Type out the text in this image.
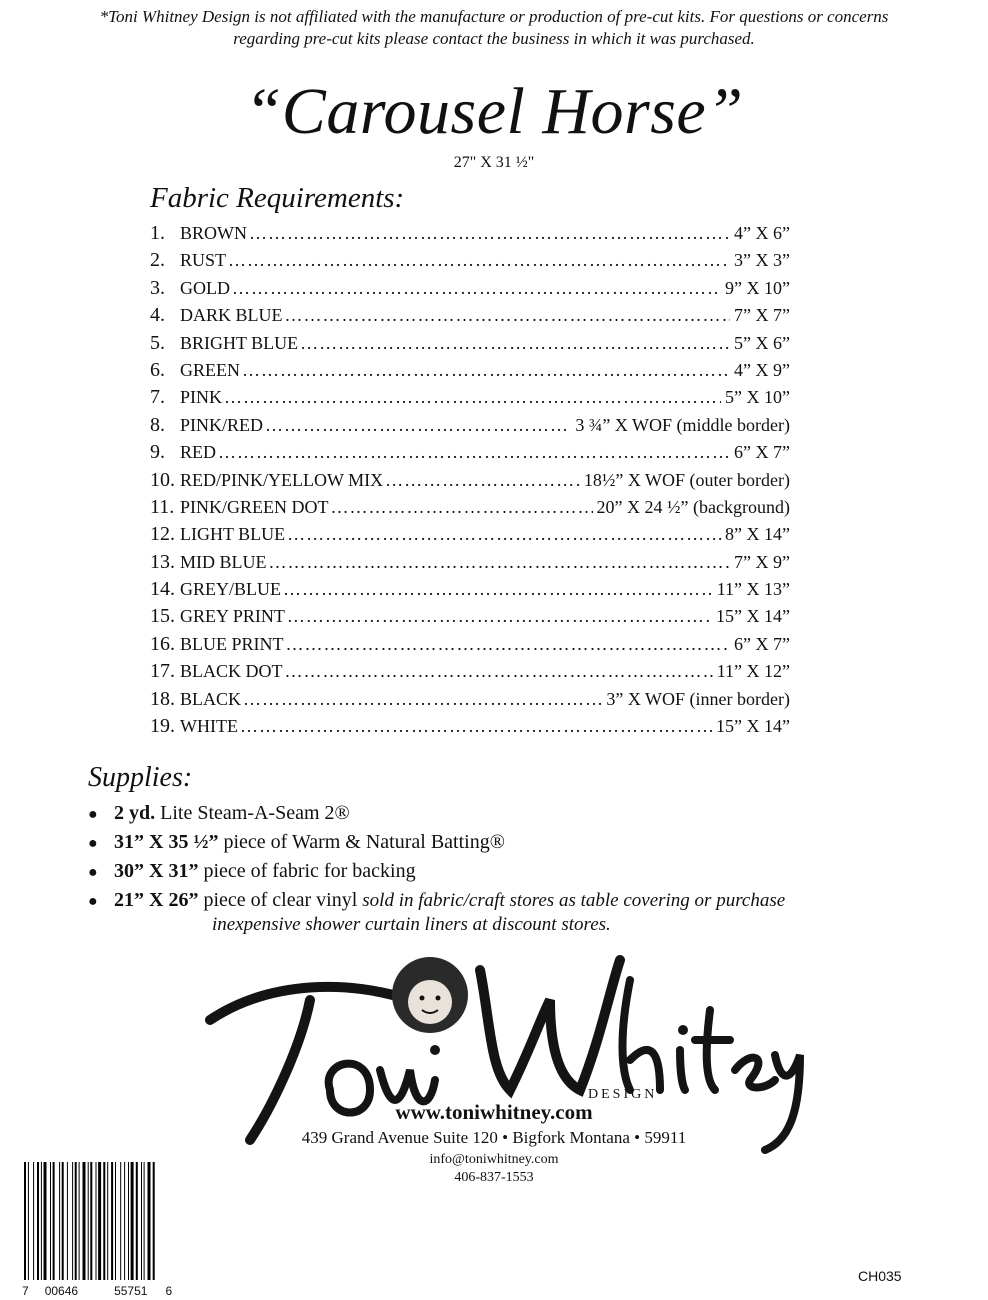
*Toni Whitney Design is not affiliated with the manufacture or production of pre-cut kits. For questions or concerns
regarding pre-cut kits please contact the business in which it was purchased.
“Carousel Horse”
27" X 31 ½"
Fabric Requirements:
1. BROWN ………………………………………………………………………………………………………………………………………	4” X 6”
2. RUST ………………………………………………………………………………………………………………………………………	3” X 3”
3. GOLD ………………………………………………………………………………………………………………………………………	9” X 10”
4. DARK BLUE ………………………………………………………………………………………………………………………………………	7” X 7”
5. BRIGHT BLUE ………………………………………………………………………………………………………………………………………	5” X 6”
6. GREEN ………………………………………………………………………………………………………………………………………	4” X 9”
7. PINK ………………………………………………………………………………………………………………………………………	5” X 10”
8. PINK/RED ………………………………………………………………………………………………………………………………………	3 ¾” X WOF (middle border)
9. RED ………………………………………………………………………………………………………………………………………	6” X 7”
10. RED/PINK/YELLOW MIX ………………………………………………………………………………………………………………………………………	18½” X WOF (outer border)
11. PINK/GREEN DOT ………………………………………………………………………………………………………………………………………	20” X 24 ½” (background)
12. LIGHT BLUE ………………………………………………………………………………………………………………………………………	8” X 14”
13. MID BLUE ………………………………………………………………………………………………………………………………………	7” X 9”
14. GREY/BLUE ………………………………………………………………………………………………………………………………………	11” X 13”
15. GREY PRINT ………………………………………………………………………………………………………………………………………	15” X 14”
16. BLUE PRINT ………………………………………………………………………………………………………………………………………	6” X 7”
17. BLACK DOT ………………………………………………………………………………………………………………………………………	11” X 12”
18. BLACK ………………………………………………………………………………………………………………………………………	3” X WOF (inner border)
19. WHITE ………………………………………………………………………………………………………………………………………	15” X 14”
Supplies:
● 2 yd. Lite Steam-A-Seam 2®
● 31” X 35 ½” piece of Warm & Natural Batting®
● 30” X 31” piece of fabric for backing
● 21” X 26” piece of clear vinyl sold in fabric/craft stores as table covering or purchase
inexpensive shower curtain liners at discount stores.
DESIGN
www.toniwhitney.com
439 Grand Avenue Suite 120 • Bigfork Montana • 59911
info@toniwhitney.com
406-837-1553
7 00646	55751 6
CH035
